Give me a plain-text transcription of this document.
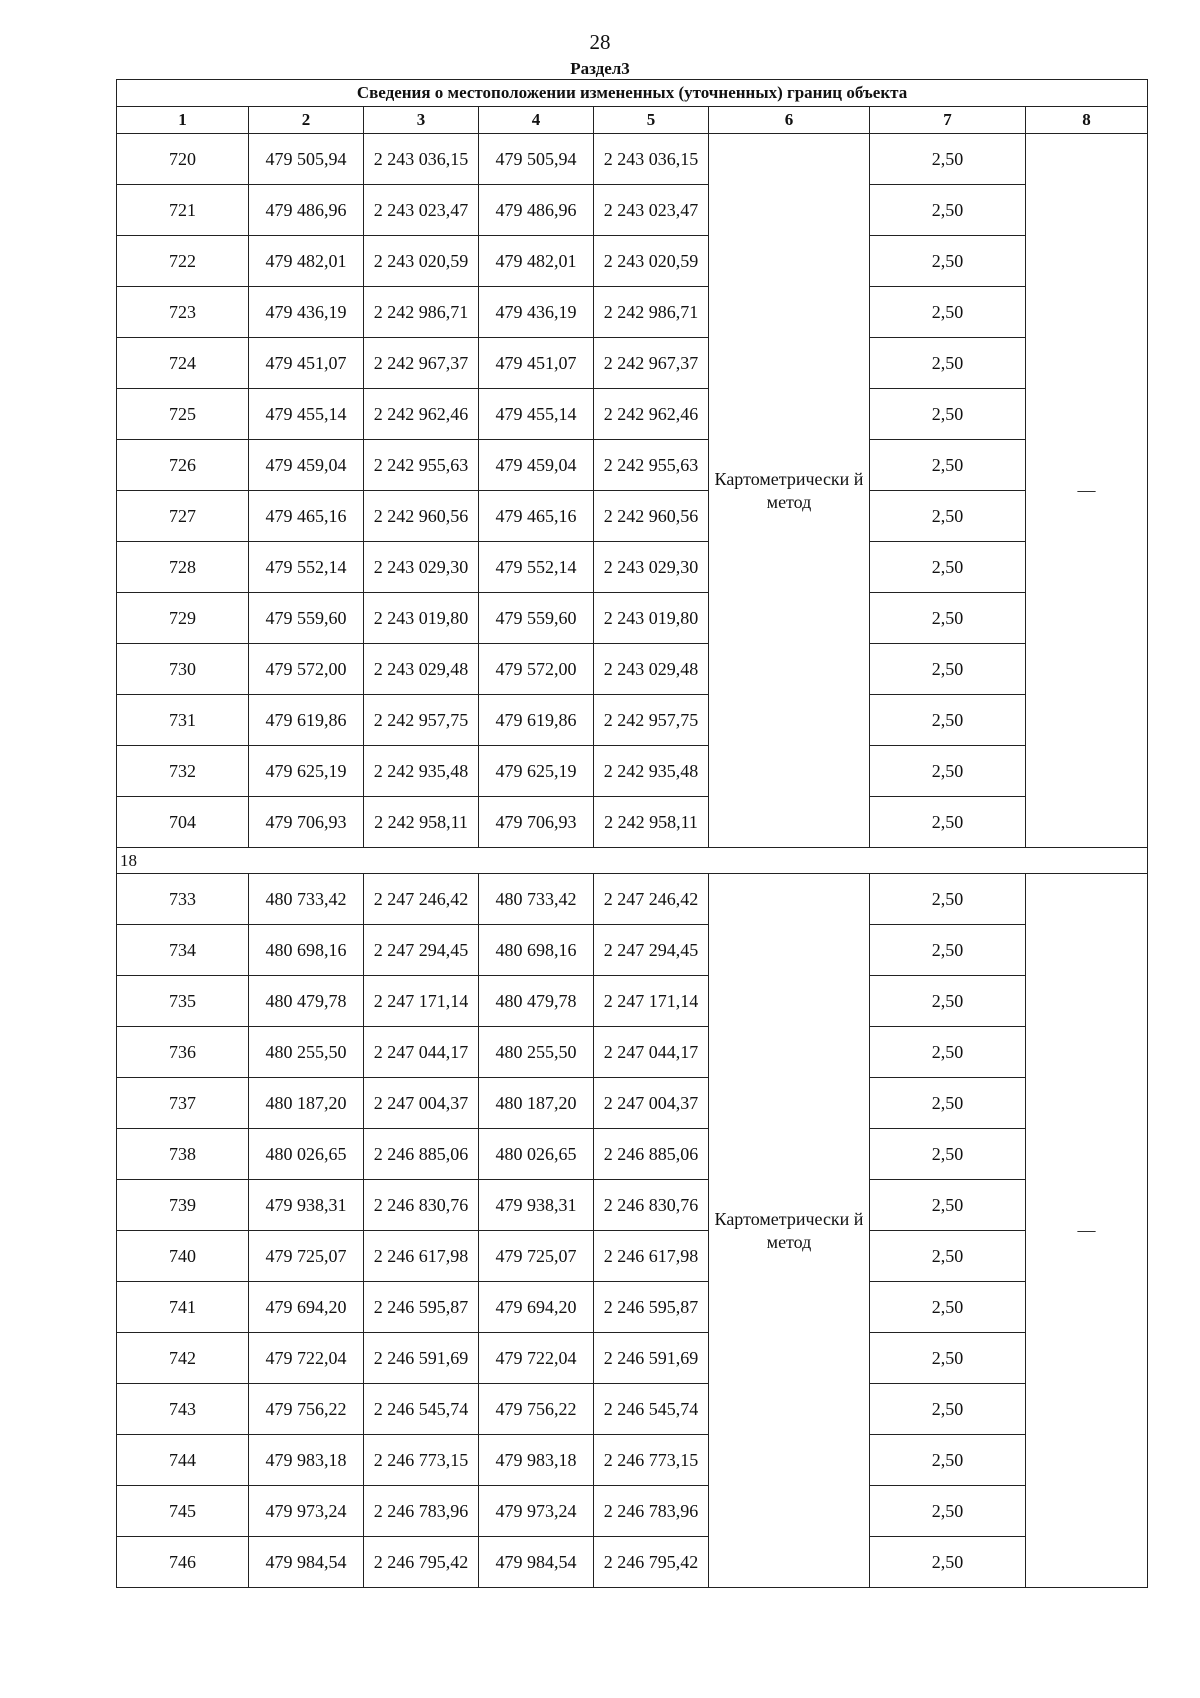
28
Раздел3
Сведения о местоположении измененных (уточненных) границ объекта							
1	2	3	4	5	6	7	8
720	479 505,94	2 243 036,15	479 505,94	2 243 036,15	Картометрически й метод	2,50	—
721	479 486,96	2 243 023,47	479 486,96	2 243 023,47		2,50	
722	479 482,01	2 243 020,59	479 482,01	2 243 020,59		2,50	
723	479 436,19	2 242 986,71	479 436,19	2 242 986,71		2,50	
724	479 451,07	2 242 967,37	479 451,07	2 242 967,37		2,50	
725	479 455,14	2 242 962,46	479 455,14	2 242 962,46		2,50	
726	479 459,04	2 242 955,63	479 459,04	2 242 955,63		2,50	
727	479 465,16	2 242 960,56	479 465,16	2 242 960,56		2,50	
728	479 552,14	2 243 029,30	479 552,14	2 243 029,30		2,50	
729	479 559,60	2 243 019,80	479 559,60	2 243 019,80		2,50	
730	479 572,00	2 243 029,48	479 572,00	2 243 029,48		2,50	
731	479 619,86	2 242 957,75	479 619,86	2 242 957,75		2,50	
732	479 625,19	2 242 935,48	479 625,19	2 242 935,48		2,50	
704	479 706,93	2 242 958,11	479 706,93	2 242 958,11		2,50	
18							
733	480 733,42	2 247 246,42	480 733,42	2 247 246,42	Картометрически й метод	2,50	—
734	480 698,16	2 247 294,45	480 698,16	2 247 294,45		2,50	
735	480 479,78	2 247 171,14	480 479,78	2 247 171,14		2,50	
736	480 255,50	2 247 044,17	480 255,50	2 247 044,17		2,50	
737	480 187,20	2 247 004,37	480 187,20	2 247 004,37		2,50	
738	480 026,65	2 246 885,06	480 026,65	2 246 885,06		2,50	
739	479 938,31	2 246 830,76	479 938,31	2 246 830,76		2,50	
740	479 725,07	2 246 617,98	479 725,07	2 246 617,98		2,50	
741	479 694,20	2 246 595,87	479 694,20	2 246 595,87		2,50	
742	479 722,04	2 246 591,69	479 722,04	2 246 591,69		2,50	
743	479 756,22	2 246 545,74	479 756,22	2 246 545,74		2,50	
744	479 983,18	2 246 773,15	479 983,18	2 246 773,15		2,50	
745	479 973,24	2 246 783,96	479 973,24	2 246 783,96		2,50	
746	479 984,54	2 246 795,42	479 984,54	2 246 795,42		2,50	
